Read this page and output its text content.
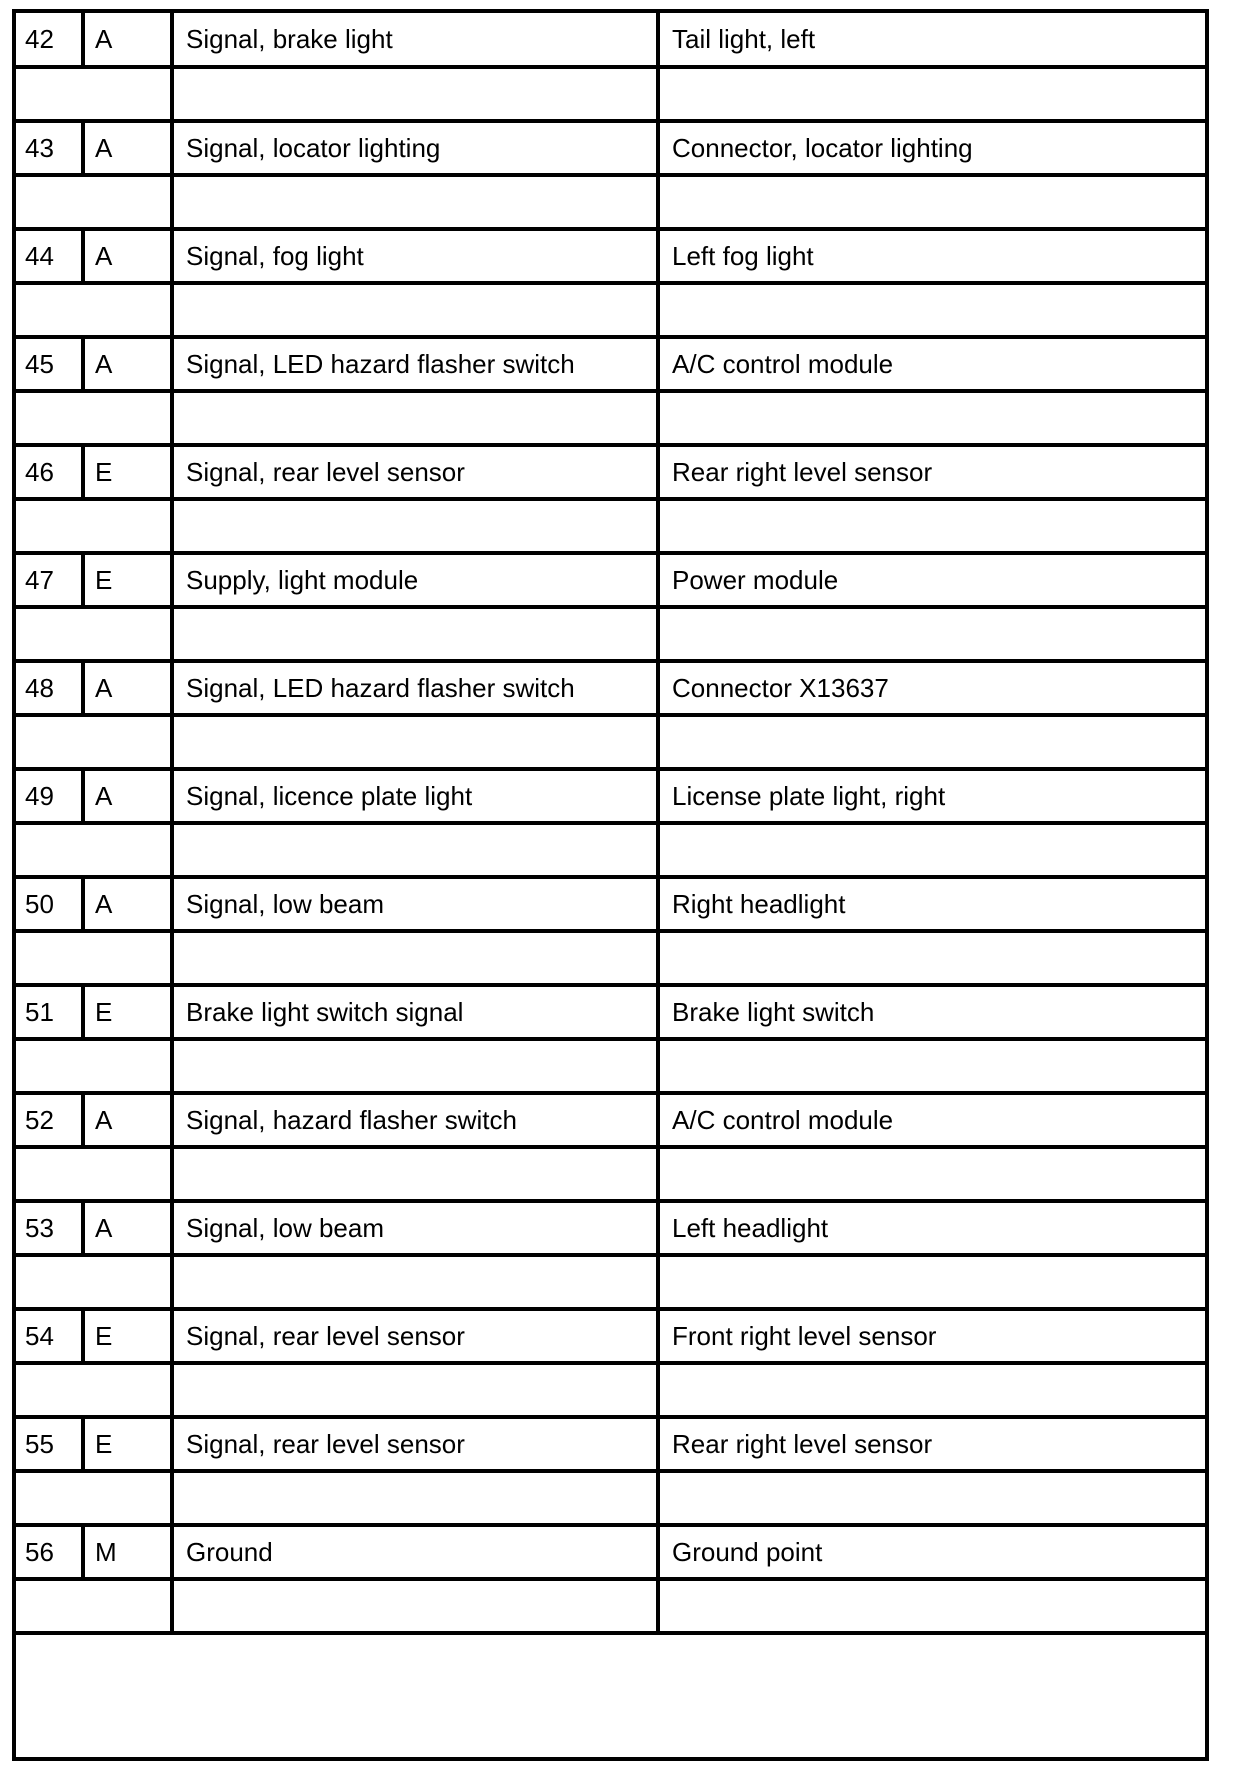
42	A	Signal, brake light	Tail light, left

43	A	Signal, locator lighting	Connector, locator lighting

44	A	Signal, fog light	Left fog light

45	A	Signal, LED hazard flasher switch	A/C control module

46	E	Signal, rear level sensor	Rear right level sensor

47	E	Supply, light module	Power module

48	A	Signal, LED hazard flasher switch	Connector X13637

49	A	Signal, licence plate light	License plate light, right

50	A	Signal, low beam	Right headlight

51	E	Brake light switch signal	Brake light switch

52	A	Signal, hazard flasher switch	A/C control module

53	A	Signal, low beam	Left headlight

54	E	Signal, rear level sensor	Front right level sensor

55	E	Signal, rear level sensor	Rear right level sensor

56	M	Ground	Ground point
